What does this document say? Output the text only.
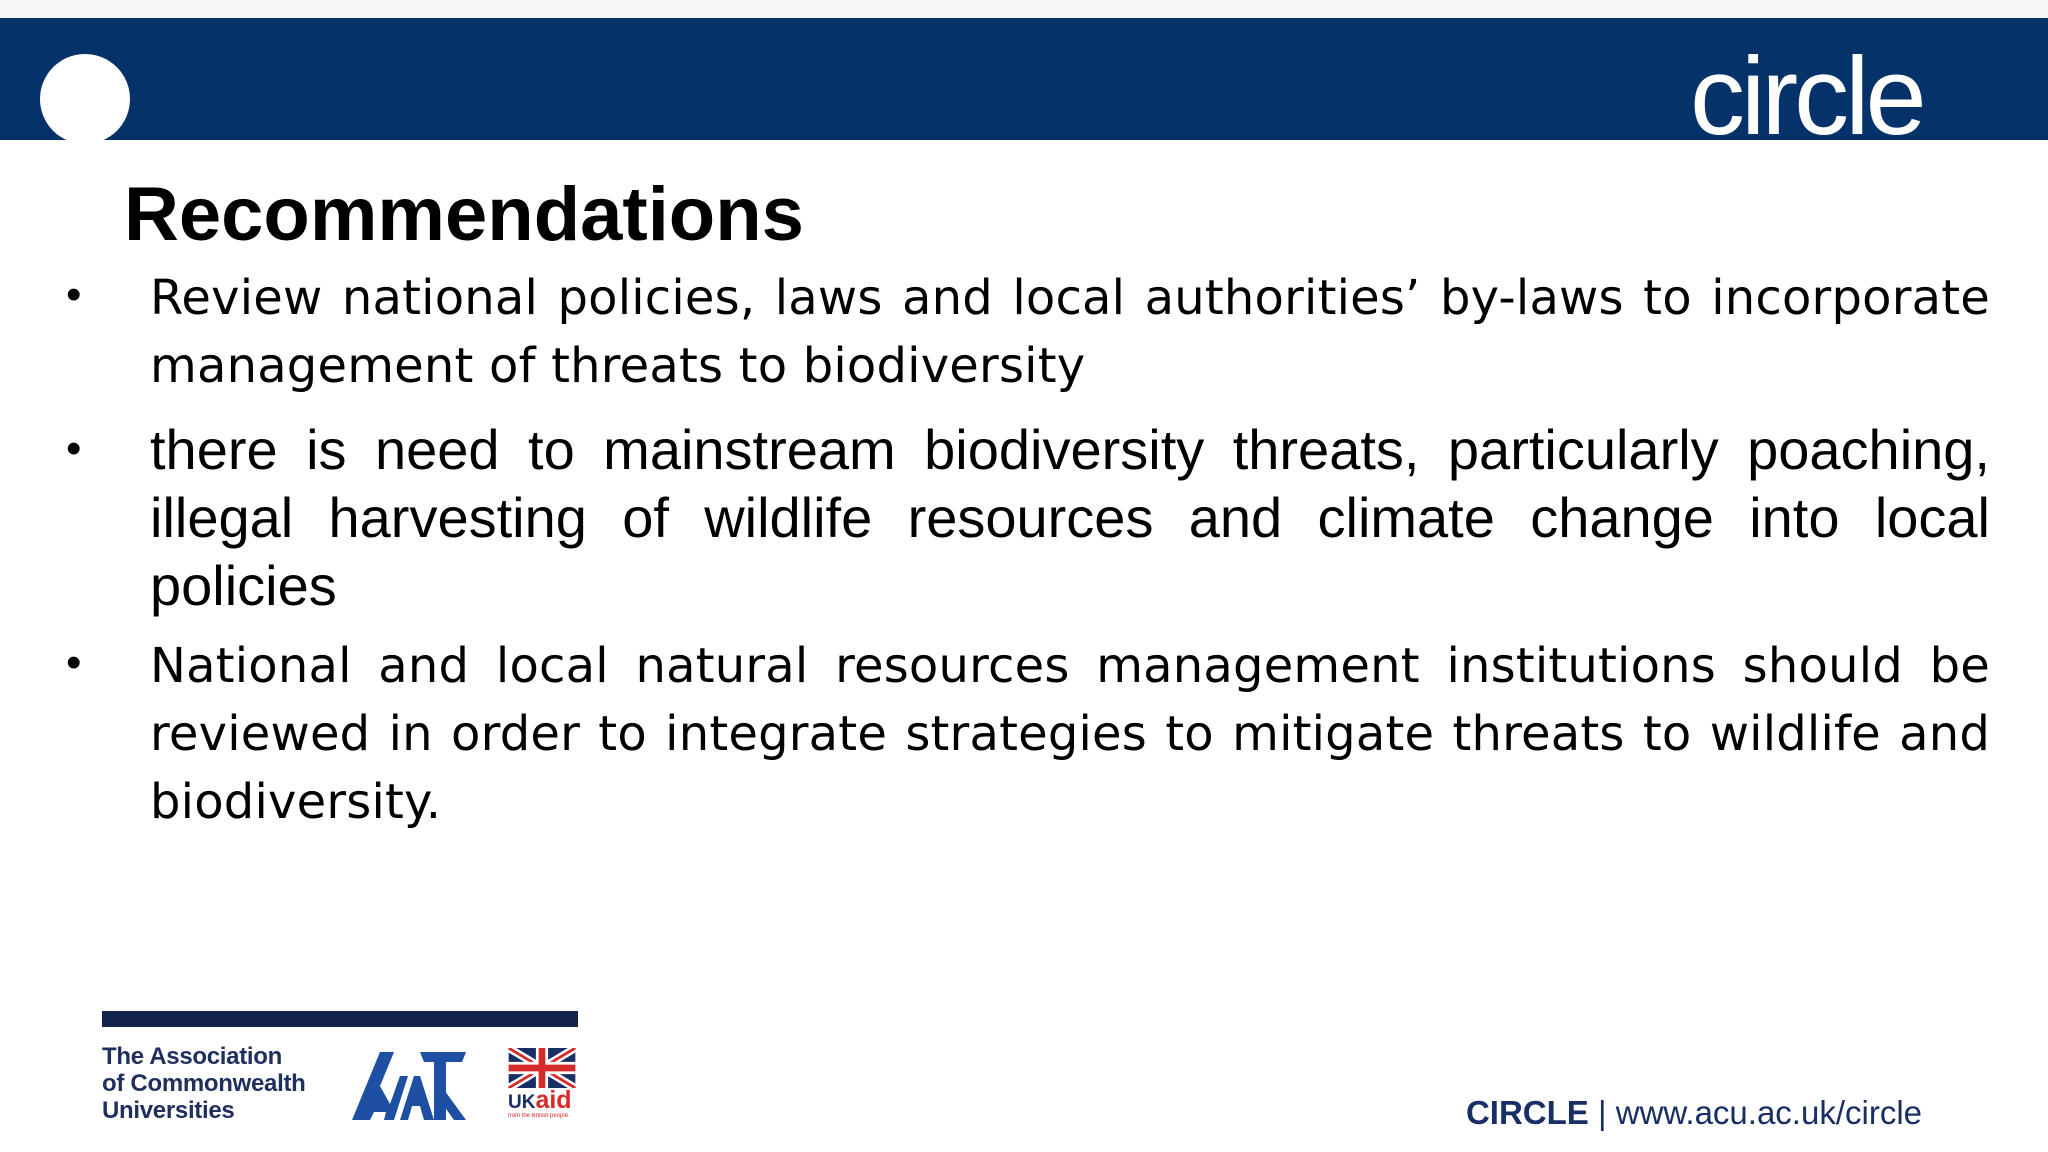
circle
Recommendations
• Review national policies, laws and local authorities’ by-laws to incorporate management of threats to biodiversity
• there is need to mainstream biodiversity threats, particularly poaching, illegal harvesting of wildlife resources and climate change into local policies
• National and local natural resources management institutions should be reviewed in order to integrate strategies to mitigate threats to wildlife and biodiversity.
The Association
of Commonwealth
Universities	UKaid
from the British people	CIRCLE | www.acu.ac.uk/circle
